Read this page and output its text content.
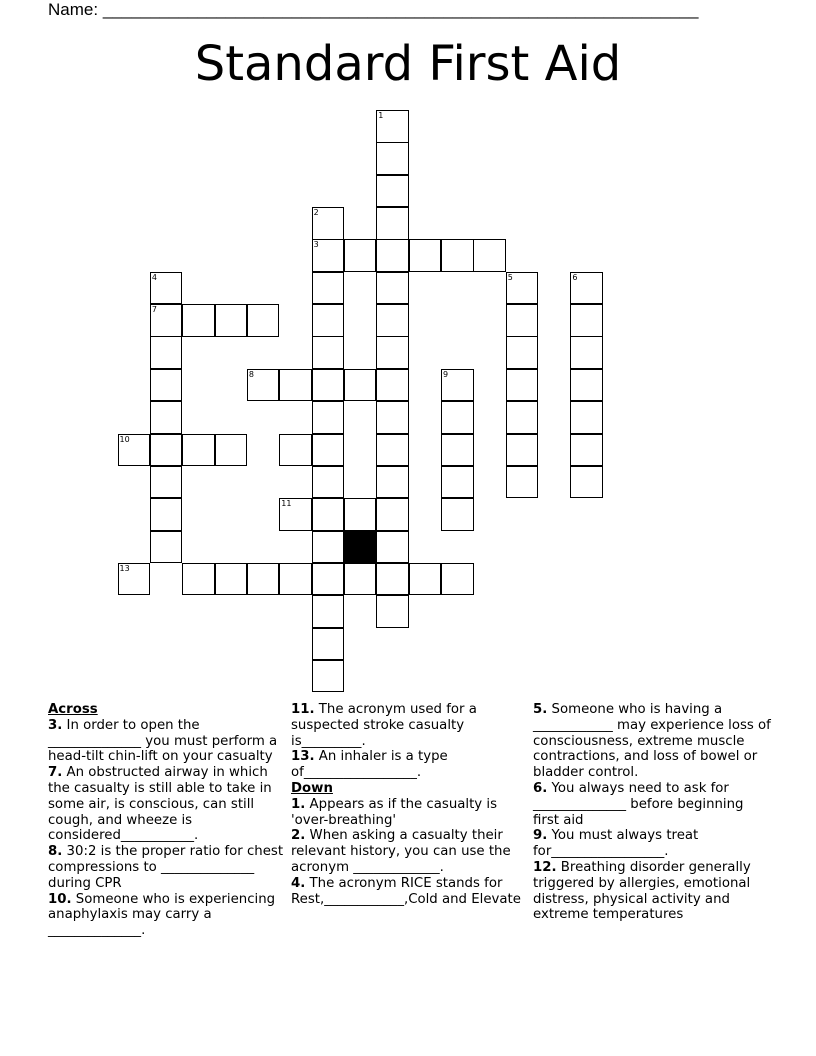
Name: _______________________________________________________________
Standard First Aid
1
2
3
4
7
5	6
8	9
10
11
13
Across
3. In order to open the ______________ you must perform a head-tilt chin-lift on your casualty
7. An obstructed airway in which the casualty is still able to take in some air, is conscious, can still cough, and wheeze is considered___________.
8. 30:2 is the proper ratio for chest compressions to ______________ during CPR
10. Someone who is experiencing anaphylaxis may carry a ______________.
11. The acronym used for a suspected stroke casualty is_________.
13. An inhaler is a type of_________________.
Down
1. Appears as if the casualty is 'over-breathing'
2. When asking a casualty their relevant history, you can use the acronym _____________.
4. The acronym RICE stands for Rest,____________,Cold and Elevate
5. Someone who is having a ____________ may experience loss of consciousness, extreme muscle contractions, and loss of bowel or bladder control.
6. You always need to ask for ______________ before beginning first aid
9. You must always treat for_________________.
12. Breathing disorder generally triggered by allergies, emotional distress, physical activity and extreme temperatures
